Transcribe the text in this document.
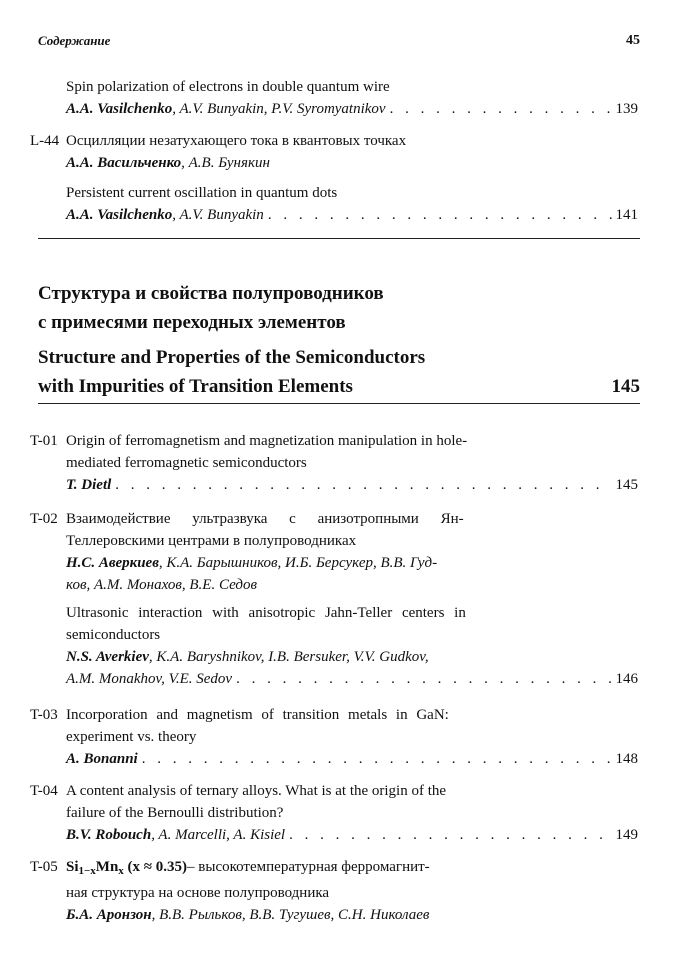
Содержание	45
Spin polarization of electrons in double quantum wire
A.A. Vasilchenko , A.V. Bunyakin, P.V. Syromyatnikov . . .	139
L-44 Осцилляции незатухающего тока в квантовых точках
А.А. Васильченко , А.В. Бунякин
Persistent current oscillation in quantum dots
A.A. Vasilchenko , A.V. Bunyakin . . .	141
Структура и свойства полупроводников
с примесями переходных элементов
Structure and Properties of the Semiconductors
with Impurities of Transition Elements	145
T-01 Origin of ferromagnetism and magnetization manipulation in hole-
mediated ferromagnetic semiconductors
T. Dietl . . .	145
T-02 Взаимодействие ультразвука с анизотропными Ян-
Теллеровскими центрами в полупроводниках
Н.С. Аверкиев , К.А. Барышников, И.Б. Берсукер, В.В. Гуд-
ков, А.М. Монахов, В.Е. Седов
Ultrasonic interaction with anisotropic Jahn-Teller centers in
semiconductors
N.S. Averkiev , K.A. Baryshnikov, I.B. Bersuker, V.V. Gudkov,
A.M. Monakhov, V.E. Sedov . . .	146
T-03 Incorporation and magnetism of transition metals in GaN:
experiment vs. theory
A. Bonanni . . .	148
T-04 A content analysis of ternary alloys. What is at the origin of the
failure of the Bernoulli distribution?
B.V. Robouch , A. Marcelli, A. Kisiel . . .	149
T-05 $Si_{1-x}Mn_x$ (x ≈ 0.35) – высокотемпературная ферромагнит-
ная структура на основе полупроводника
Б.А. Аронзон , В.В. Рыльков, В.В. Тугушев, С.Н. Николаев
